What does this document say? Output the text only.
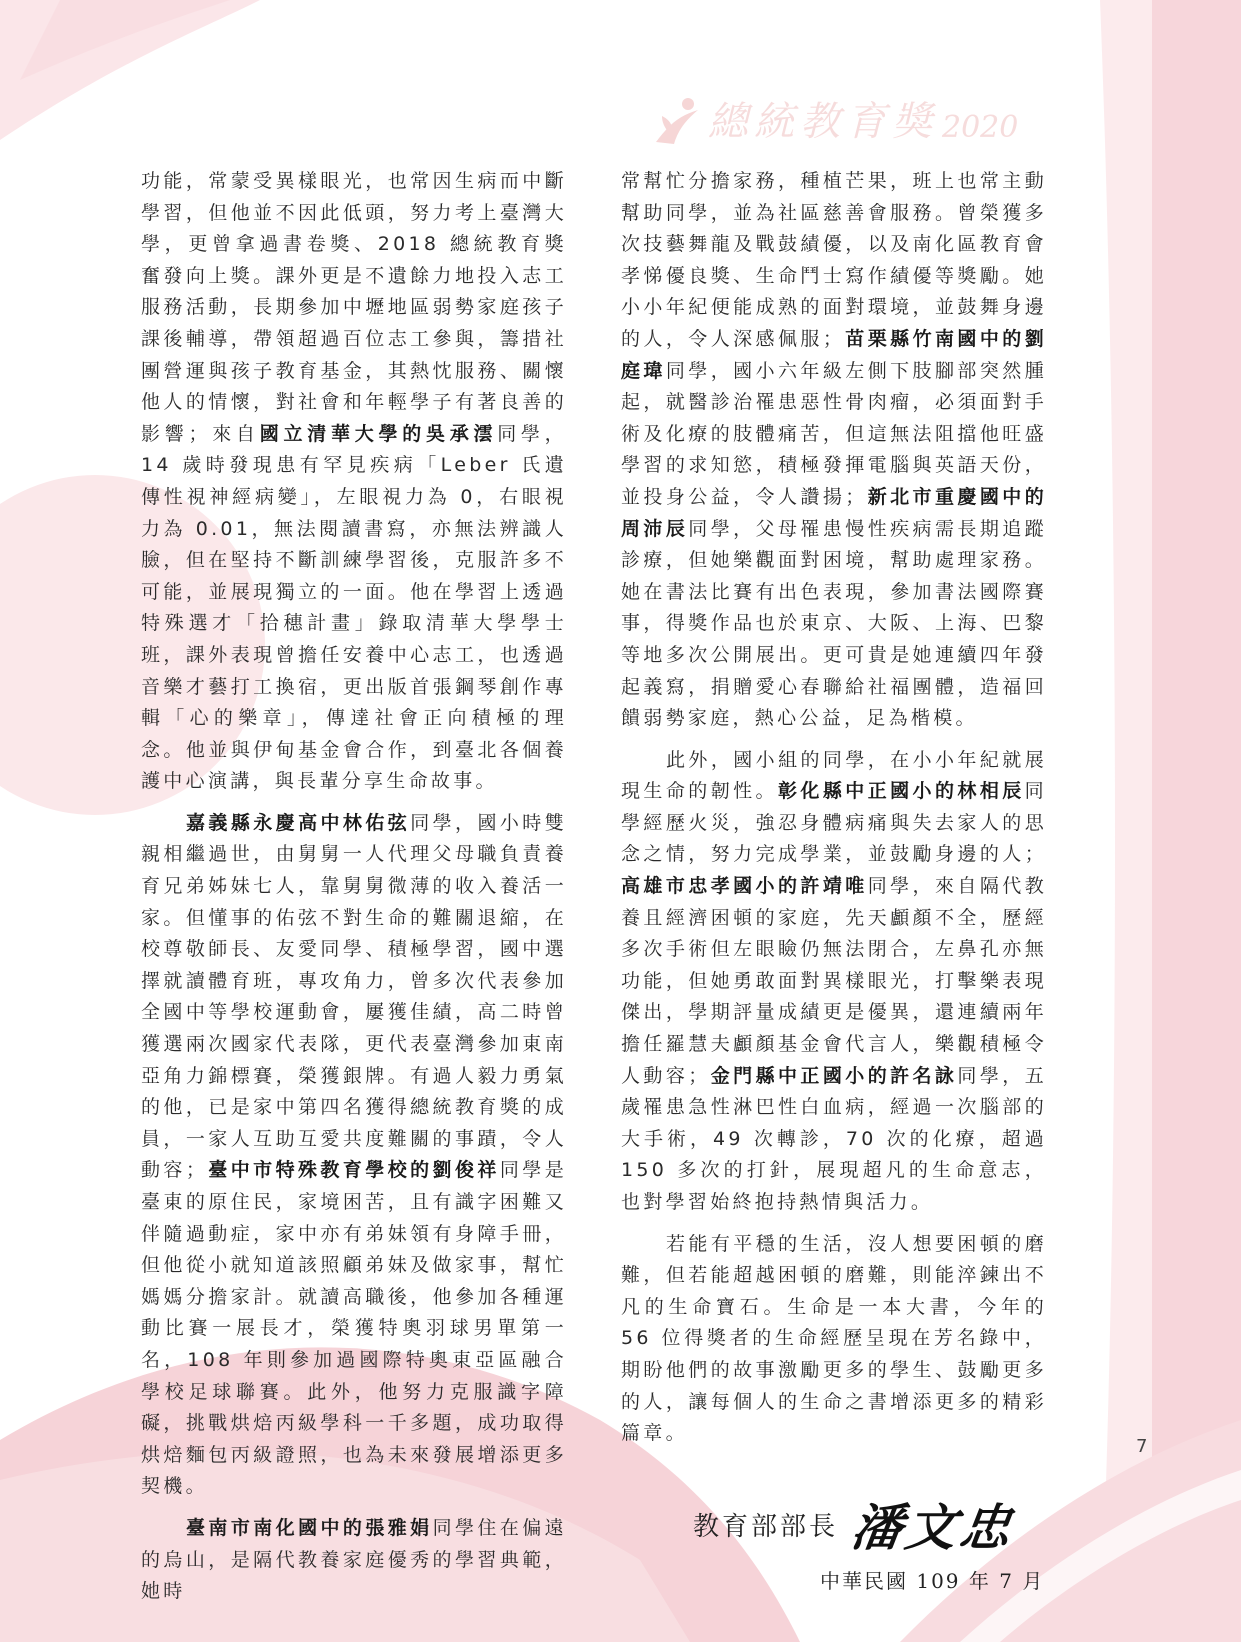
總統教育獎 2020

功能，常蒙受異樣眼光，也常因生病而中斷學習，但他並不因此低頭，努力考上臺灣大學，更曾拿過書卷獎、2018 總統教育獎奮發向上獎。課外更是不遺餘力地投入志工服務活動，長期參加中壢地區弱勢家庭孩子課後輔導，帶領超過百位志工參與，籌措社團營運與孩子教育基金，其熱忱服務、關懷他人的情懷，對社會和年輕學子有著良善的影響；來自國立清華大學的吳承澐同學，14 歲時發現患有罕見疾病「Leber 氏遺傳性視神經病變」，左眼視力為 0，右眼視力為 0.01，無法閱讀書寫，亦無法辨識人臉，但在堅持不斷訓練學習後，克服許多不可能，並展現獨立的一面。他在學習上透過特殊選才「拾穗計畫」錄取清華大學學士班，課外表現曾擔任安養中心志工，也透過音樂才藝打工換宿，更出版首張鋼琴創作專輯「心的樂章」，傳達社會正向積極的理念。他並與伊甸基金會合作，到臺北各個養護中心演講，與長輩分享生命故事。

嘉義縣永慶高中林佑弦同學，國小時雙親相繼過世，由舅舅一人代理父母職負責養育兄弟姊妹七人，靠舅舅微薄的收入養活一家。但懂事的佑弦不對生命的難關退縮，在校尊敬師長、友愛同學、積極學習，國中選擇就讀體育班，專攻角力，曾多次代表參加全國中等學校運動會，屢獲佳績，高二時曾獲選兩次國家代表隊，更代表臺灣參加東南亞角力錦標賽，榮獲銀牌。有過人毅力勇氣的他，已是家中第四名獲得總統教育獎的成員，一家人互助互愛共度難關的事蹟，令人動容；臺中市特殊教育學校的劉俊祥同學是臺東的原住民，家境困苦，且有識字困難又伴隨過動症，家中亦有弟妹領有身障手冊，但他從小就知道該照顧弟妹及做家事，幫忙媽媽分擔家計。就讀高職後，他參加各種運動比賽一展長才，榮獲特奧羽球男單第一名，108 年則參加過國際特奧東亞區融合學校足球聯賽。此外，他努力克服識字障礙，挑戰烘焙丙級學科一千多題，成功取得烘焙麵包丙級證照，也為未來發展增添更多契機。

臺南市南化國中的張雅娟同學住在偏遠的烏山，是隔代教養家庭優秀的學習典範，她時

常幫忙分擔家務，種植芒果，班上也常主動幫助同學，並為社區慈善會服務。曾榮獲多次技藝舞龍及戰鼓績優，以及南化區教育會孝悌優良獎、生命鬥士寫作績優等獎勵。她小小年紀便能成熟的面對環境，並鼓舞身邊的人，令人深感佩服；苗栗縣竹南國中的劉庭瑋同學，國小六年級左側下肢腳部突然腫起，就醫診治罹患惡性骨肉瘤，必須面對手術及化療的肢體痛苦，但這無法阻擋他旺盛學習的求知慾，積極發揮電腦與英語天份，並投身公益，令人讚揚；新北市重慶國中的周沛辰同學，父母罹患慢性疾病需長期追蹤診療，但她樂觀面對困境，幫助處理家務。她在書法比賽有出色表現，參加書法國際賽事，得獎作品也於東京、大阪、上海、巴黎等地多次公開展出。更可貴是她連續四年發起義寫，捐贈愛心春聯給社福團體，造福回饋弱勢家庭，熱心公益，足為楷模。

此外，國小組的同學，在小小年紀就展現生命的韌性。彰化縣中正國小的林相辰同學經歷火災，強忍身體病痛與失去家人的思念之情，努力完成學業，並鼓勵身邊的人；高雄市忠孝國小的許靖唯同學，來自隔代教養且經濟困頓的家庭，先天顱顏不全，歷經多次手術但左眼瞼仍無法閉合，左鼻孔亦無功能，但她勇敢面對異樣眼光，打擊樂表現傑出，學期評量成績更是優異，還連續兩年擔任羅慧夫顱顏基金會代言人，樂觀積極令人動容；金門縣中正國小的許名詠同學，五歲罹患急性淋巴性白血病，經過一次腦部的大手術，49 次轉診，70 次的化療，超過 150 多次的打針，展現超凡的生命意志，也對學習始終抱持熱情與活力。

若能有平穩的生活，沒人想要困頓的磨難，但若能超越困頓的磨難，則能淬鍊出不凡的生命寶石。生命是一本大書，今年的 56 位得獎者的生命經歷呈現在芳名錄中，期盼他們的故事激勵更多的學生、鼓勵更多的人，讓每個人的生命之書增添更多的精彩篇章。

教育部部長 潘文忠
中華民國 109 年 7 月
7
